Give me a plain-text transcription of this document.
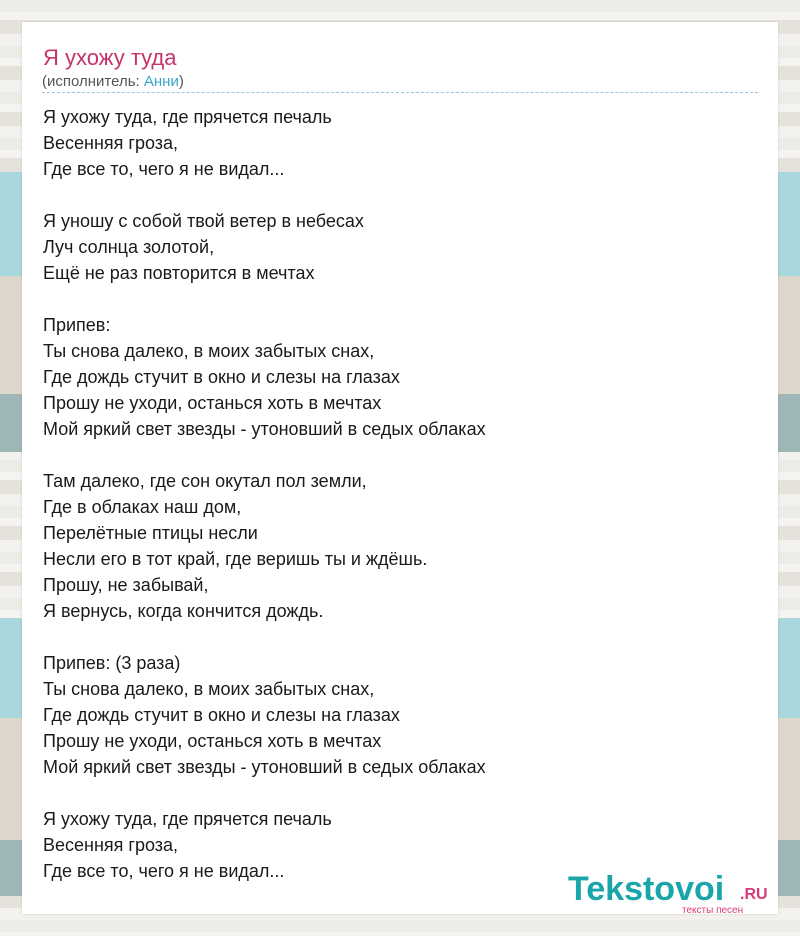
Я ухожу туда
(исполнитель: Анни)
Я ухожу туда, где прячется печаль
Весенняя гроза,
Где все то, чего я не видал...
Я уношу с собой твой ветер в небесах
Луч солнца золотой,
Ещё не раз повторится в мечтах
Припев:
Ты снова далеко, в моих забытых снах,
Где дождь стучит в окно и слезы на глазах
Прошу не уходи, останься хоть в мечтах
Мой яркий свет звезды - утоновший в седых облаках
Там далеко, где сон окутал пол земли,
Где в облаках наш дом,
Перелётные птицы несли
Несли его в тот край, где веришь ты и ждёшь.
Прошу, не забывай,
Я вернусь, когда кончится дождь.
Припев: (3 раза)
Ты снова далеко, в моих забытых снах,
Где дождь стучит в окно и слезы на глазах
Прошу не уходи, останься хоть в мечтах
Мой яркий свет звезды - утоновший в седых облаках
Я ухожу туда, где прячется печаль
Весенняя гроза,
Где все то, чего я не видал...	Tekstovoi .RU
тексты песен
